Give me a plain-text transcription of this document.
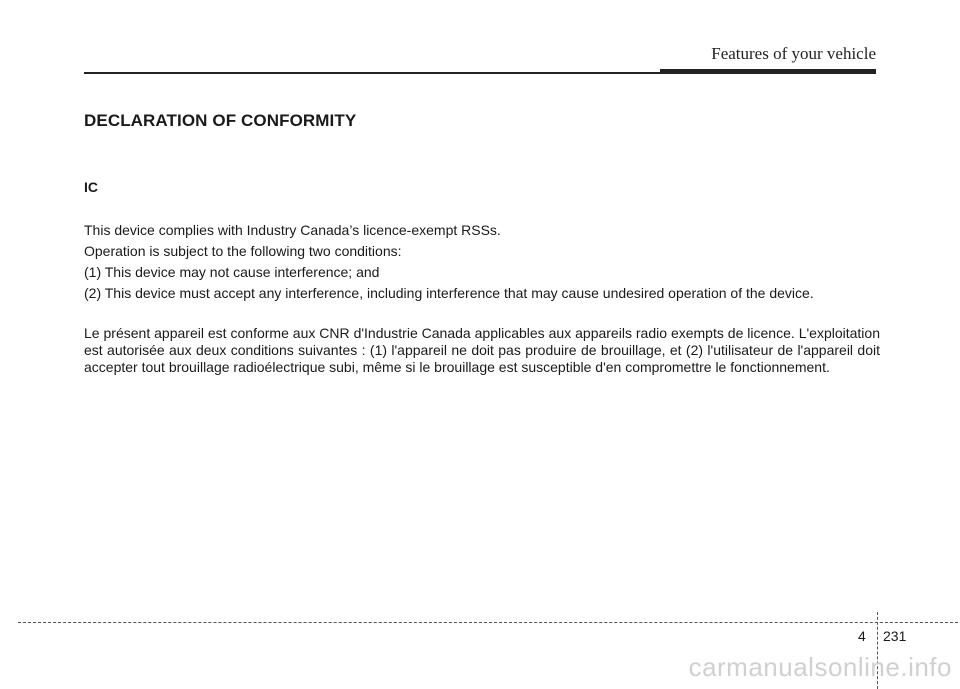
Features of your vehicle
DECLARATION OF CONFORMITY
IC

This device complies with Industry Canada’s licence-exempt RSSs.

Operation is subject to the following two conditions:

(1) This device may not cause interference; and

(2) This device must accept any interference, including interference that may cause undesired operation of the device.

Le présent appareil est conforme aux CNR d'Industrie Canada applicables aux appareils radio exempts de licence. L'exploitation est autorisée aux deux conditions suivantes : (1) l'appareil ne doit pas produire de brouillage, et (2) l'utilisateur de l'appareil doit accepter tout brouillage radioélectrique subi, même si le brouillage est susceptible d'en compromettre le fonctionnement.

4 231
carmanualsonline.info
